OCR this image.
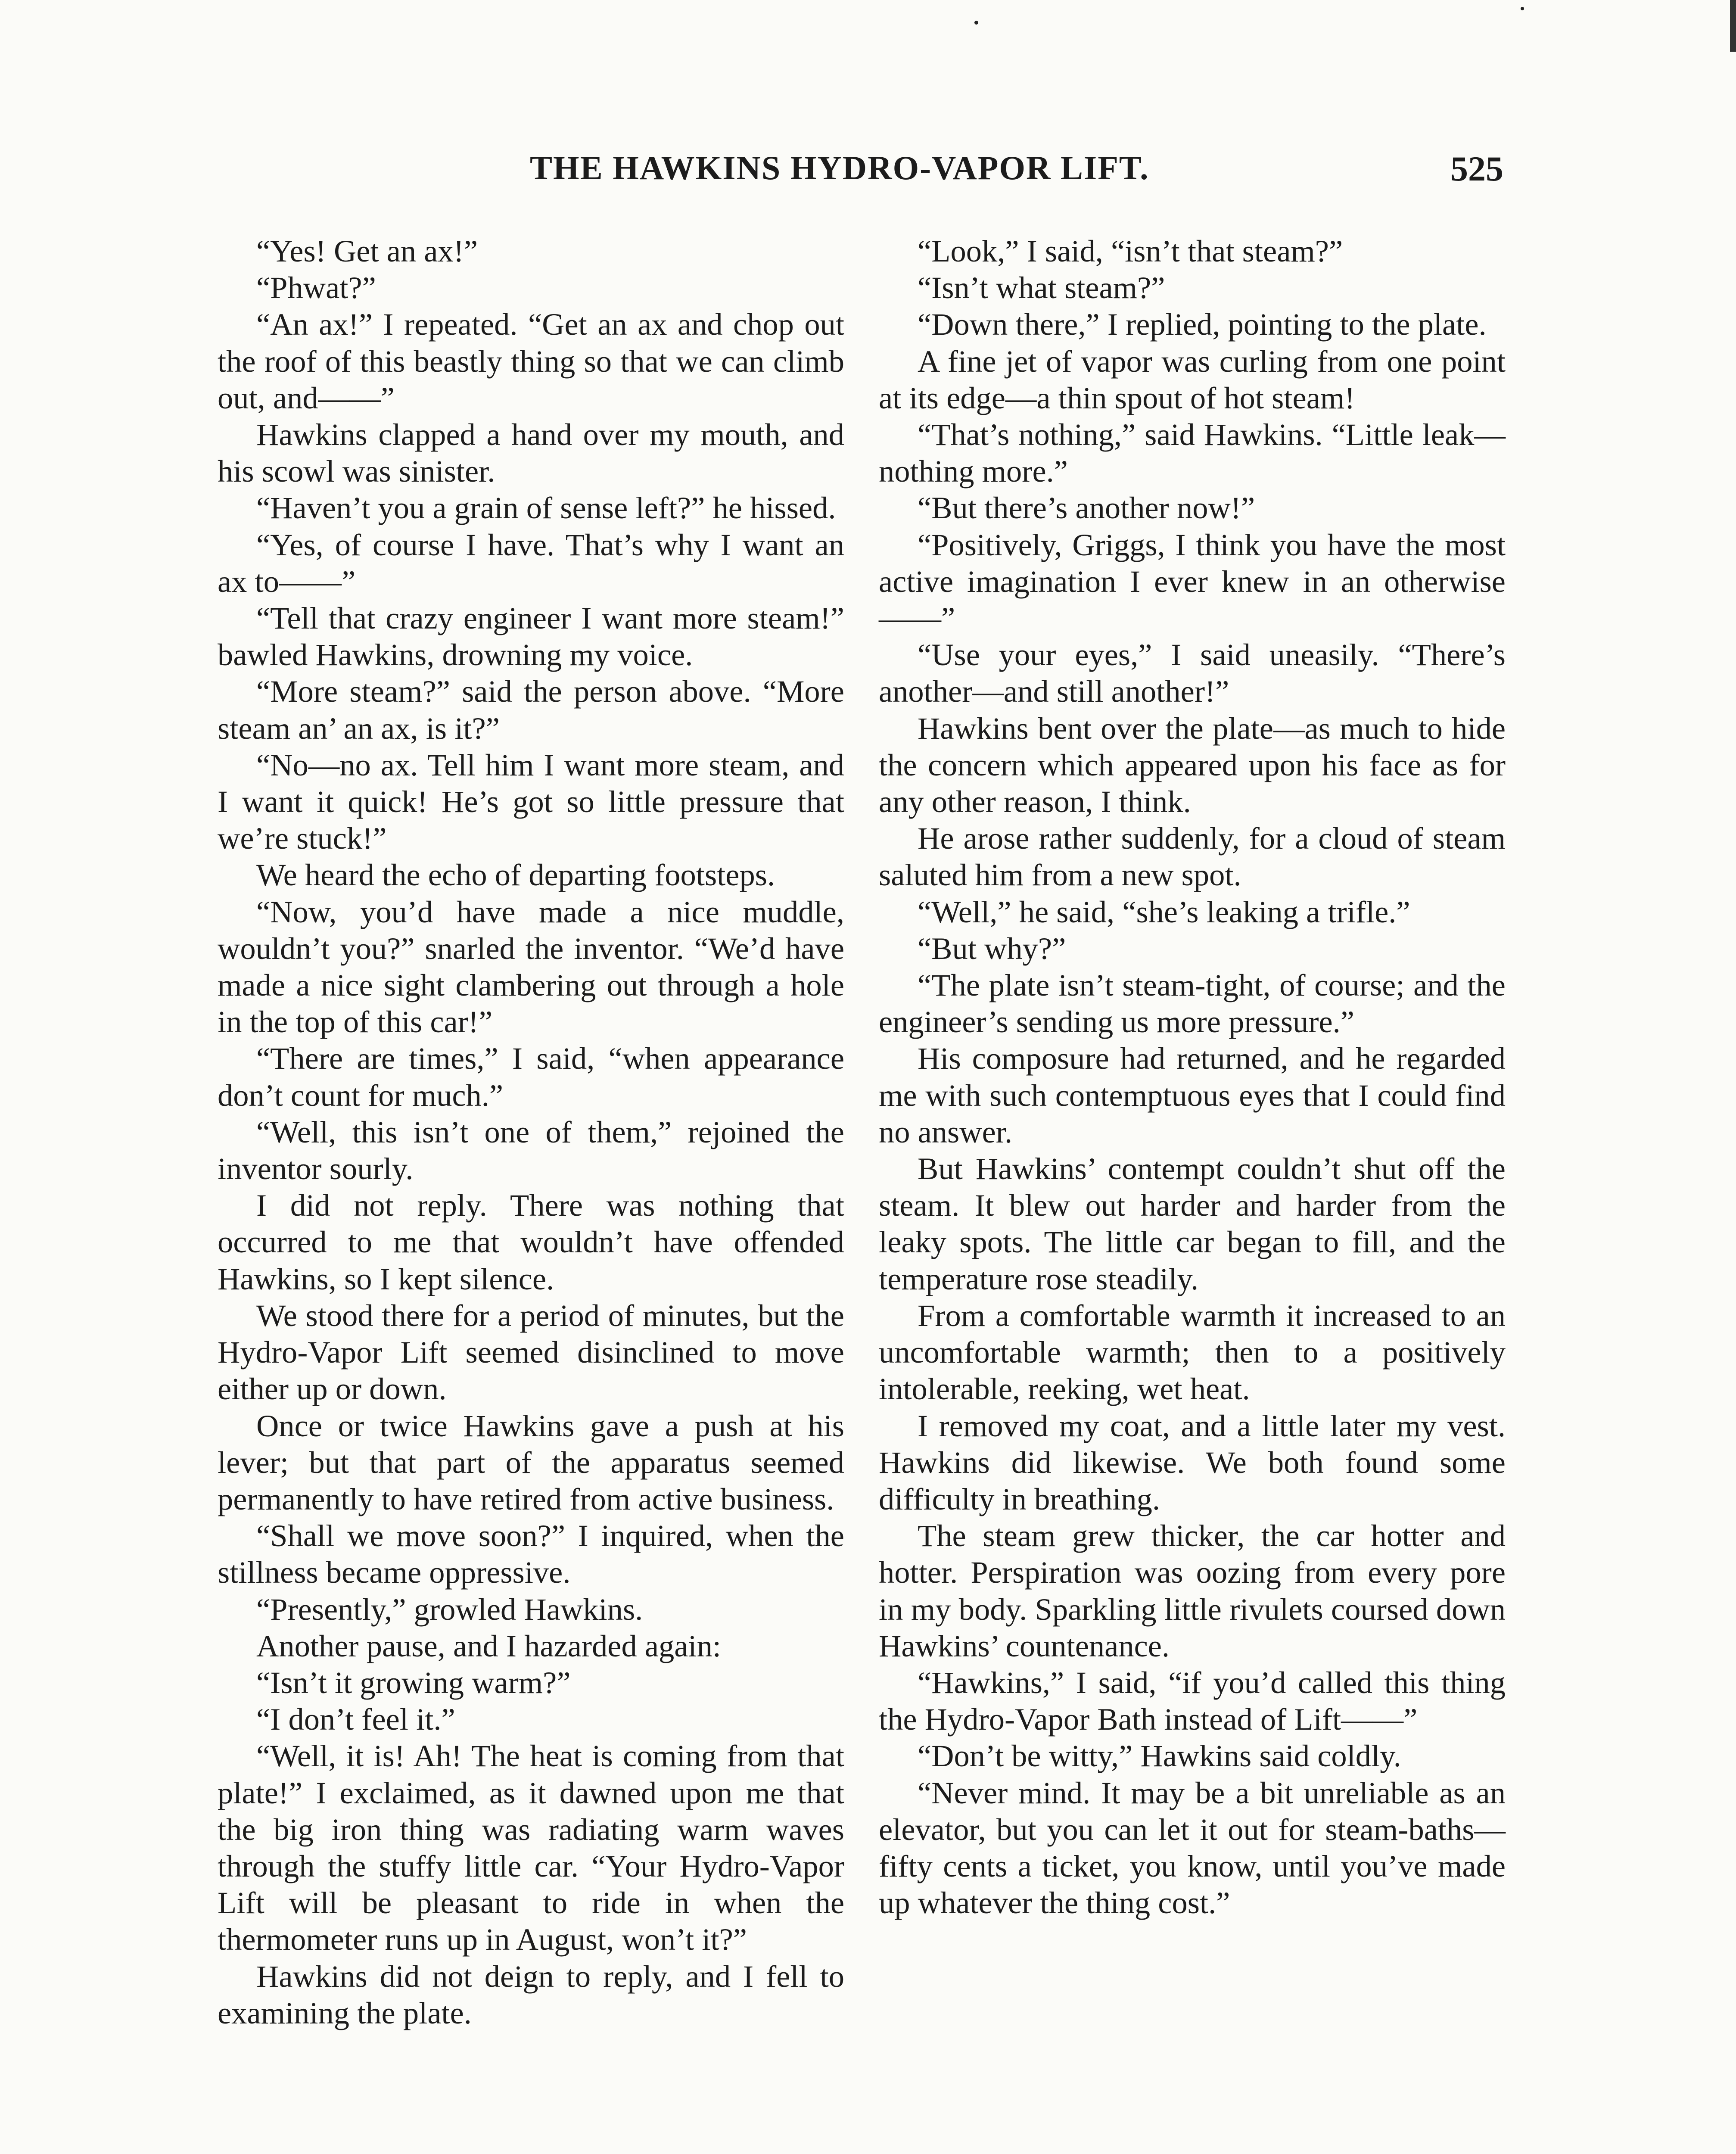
THE HAWKINS HYDRO-VAPOR LIFT.	525

“Yes! Get an ax!”

“Phwat?”

“An ax!” I repeated. “Get an ax and chop out the roof of this beastly thing so that we can climb out, and——”

Hawkins clapped a hand over my mouth, and his scowl was sinister.

“Haven’t you a grain of sense left?” he hissed.

“Yes, of course I have. That’s why I want an ax to——”

“Tell that crazy engineer I want more steam!” bawled Hawkins, drowning my voice.

“More steam?” said the person above. “More steam an’ an ax, is it?”

“No—no ax. Tell him I want more steam, and I want it quick! He’s got so little pressure that we’re stuck!”

We heard the echo of departing footsteps.

“Now, you’d have made a nice muddle, wouldn’t you?” snarled the inventor. “We’d have made a nice sight clambering out through a hole in the top of this car!”

“There are times,” I said, “when appearance don’t count for much.”

“Well, this isn’t one of them,” rejoined the inventor sourly.

I did not reply. There was nothing that occurred to me that wouldn’t have offended Hawkins, so I kept silence.

We stood there for a period of minutes, but the Hydro-Vapor Lift seemed disinclined to move either up or down.

Once or twice Hawkins gave a push at his lever; but that part of the apparatus seemed permanently to have retired from active business.

“Shall we move soon?” I inquired, when the stillness became oppressive.

“Presently,” growled Hawkins.

Another pause, and I hazarded again:

“Isn’t it growing warm?”

“I don’t feel it.”

“Well, it is! Ah! The heat is coming from that plate!” I exclaimed, as it dawned upon me that the big iron thing was radiating warm waves through the stuffy little car. “Your Hydro-Vapor Lift will be pleasant to ride in when the thermometer runs up in August, won’t it?”

Hawkins did not deign to reply, and I fell to examining the plate.

“Look,” I said, “isn’t that steam?”

“Isn’t what steam?”

“Down there,” I replied, pointing to the plate.

A fine jet of vapor was curling from one point at its edge—a thin spout of hot steam!

“That’s nothing,” said Hawkins. “Little leak—nothing more.”

“But there’s another now!”

“Positively, Griggs, I think you have the most active imagination I ever knew in an otherwise——”

“Use your eyes,” I said uneasily. “There’s another—and still another!”

Hawkins bent over the plate—as much to hide the concern which appeared upon his face as for any other reason, I think.

He arose rather suddenly, for a cloud of steam saluted him from a new spot.

“Well,” he said, “she’s leaking a trifle.”

“But why?”

“The plate isn’t steam-tight, of course; and the engineer’s sending us more pressure.”

His composure had returned, and he regarded me with such contemptuous eyes that I could find no answer.

But Hawkins’ contempt couldn’t shut off the steam. It blew out harder and harder from the leaky spots. The little car began to fill, and the temperature rose steadily.

From a comfortable warmth it increased to an uncomfortable warmth; then to a positively intolerable, reeking, wet heat.

I removed my coat, and a little later my vest. Hawkins did likewise. We both found some difficulty in breathing.

The steam grew thicker, the car hotter and hotter. Perspiration was oozing from every pore in my body. Sparkling little rivulets coursed down Hawkins’ countenance.

“Hawkins,” I said, “if you’d called this thing the Hydro-Vapor Bath instead of Lift——”

“Don’t be witty,” Hawkins said coldly.

“Never mind. It may be a bit unreliable as an elevator, but you can let it out for steam-baths—fifty cents a ticket, you know, until you’ve made up whatever the thing cost.”
